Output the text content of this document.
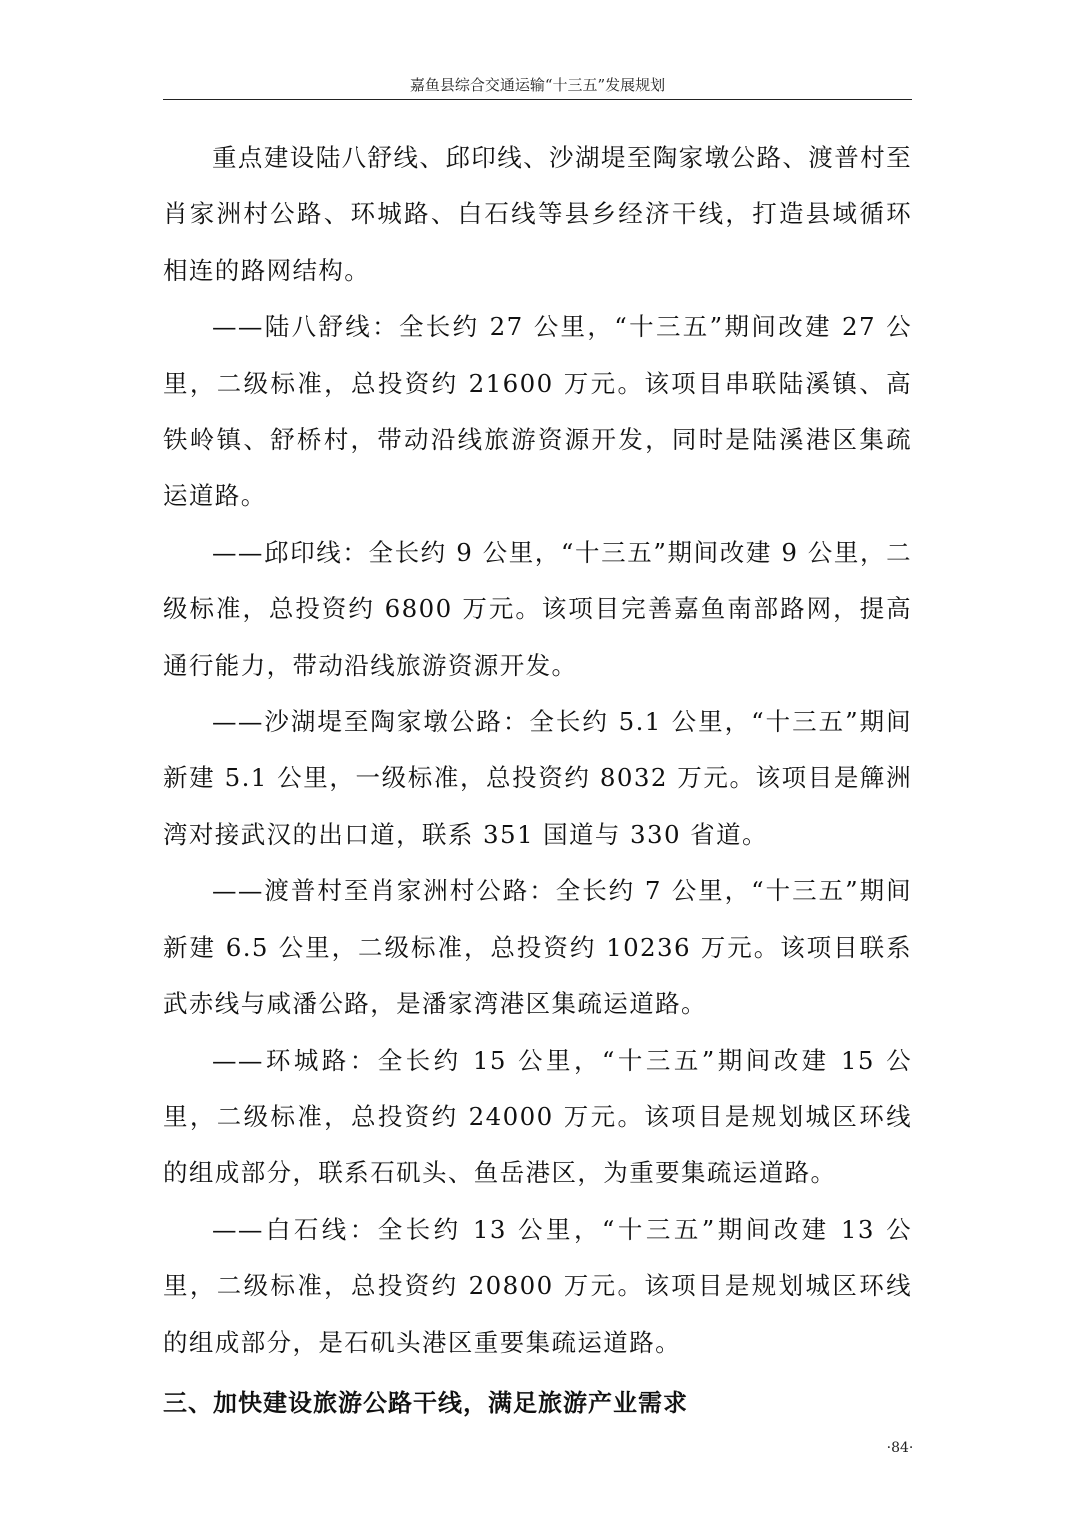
嘉鱼县综合交通运输“十三五”发展规划

重点建设陆八舒线、邱印线、沙湖堤至陶家墩公路、渡普村至肖家洲村公路、环城路、白石线等县乡经济干线，打造县域循环相连的路网结构。

——陆八舒线：全长约 27 公里，“十三五”期间改建 27 公里，二级标准，总投资约 21600 万元。该项目串联陆溪镇、高铁岭镇、舒桥村，带动沿线旅游资源开发，同时是陆溪港区集疏运道路。

——邱印线：全长约 9 公里，“十三五”期间改建 9 公里，二级标准，总投资约 6800 万元。该项目完善嘉鱼南部路网，提高通行能力，带动沿线旅游资源开发。

——沙湖堤至陶家墩公路：全长约 5.1 公里，“十三五”期间新建 5.1 公里，一级标准，总投资约 8032 万元。该项目是簰洲湾对接武汉的出口道，联系 351 国道与 330 省道。

——渡普村至肖家洲村公路：全长约 7 公里，“十三五”期间新建 6.5 公里，二级标准，总投资约 10236 万元。该项目联系武赤线与咸潘公路，是潘家湾港区集疏运道路。

——环城路：全长约 15 公里，“十三五”期间改建 15 公里，二级标准，总投资约 24000 万元。该项目是规划城区环线的组成部分，联系石矶头、鱼岳港区，为重要集疏运道路。

——白石线：全长约 13 公里，“十三五”期间改建 13 公里，二级标准，总投资约 20800 万元。该项目是规划城区环线的组成部分，是石矶头港区重要集疏运道路。

三、加快建设旅游公路干线，满足旅游产业需求
·84·
